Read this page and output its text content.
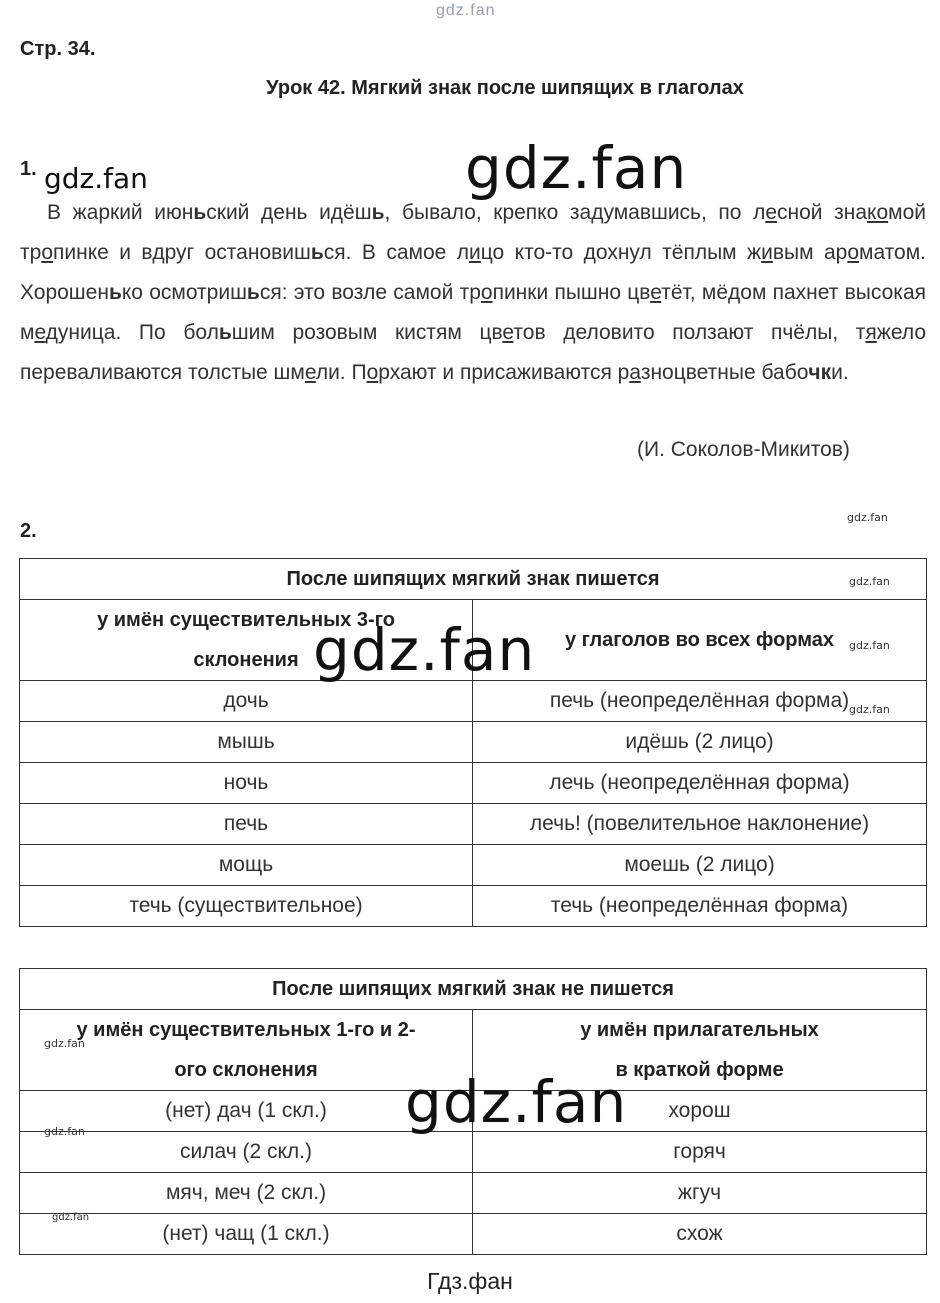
gdz.fan
Стр. 34.
Урок 42. Мягкий знак после шипящих в глаголах
1. gdz.fan	gdz.fan
В жаркий июньский день идёшь, бывало, крепко задумавшись, по лесной знакомой тропинке и вдруг остановишься. В самое лицо кто-то дохнул тёплым живым ароматом. Хорошенько осмотришься: это возле самой тропинки пышно цветёт, мёдом пахнет высокая медуница. По большим розовым кистям цветов деловито ползают пчёлы, тяжело переваливаются толстые шмели. Порхают и присаживаются разноцветные бабочки.
(И. Соколов-Микитов)
2.
gdz.fan
После шипящих мягкий знак пишется	
у имён существительных 3-го склонения	у глаголов во всех формах
дочь	печь (неопределённая форма)
мышь	идёшь (2 лицо)
ночь	лечь (неопределённая форма)
печь	лечь! (повелительное наклонение)
мощь	моешь (2 лицо)
течь (существительное)	течь (неопределённая форма)
gdz.fan
gdz.fan
gdz.fan
gdz.fan
После шипящих мягкий знак не пишется	
у имён существительных 1-го и 2-ого склонения	у имён прилагательных в краткой форме
(нет) дач (1 скл.)	хорош
силач (2 скл.)	горяч
мяч, меч (2 скл.)	жгуч
(нет) чащ (1 скл.)	схож
gdz.fan
gdz.fan
gdz.fan
gdz.fan
Гдз.фан
